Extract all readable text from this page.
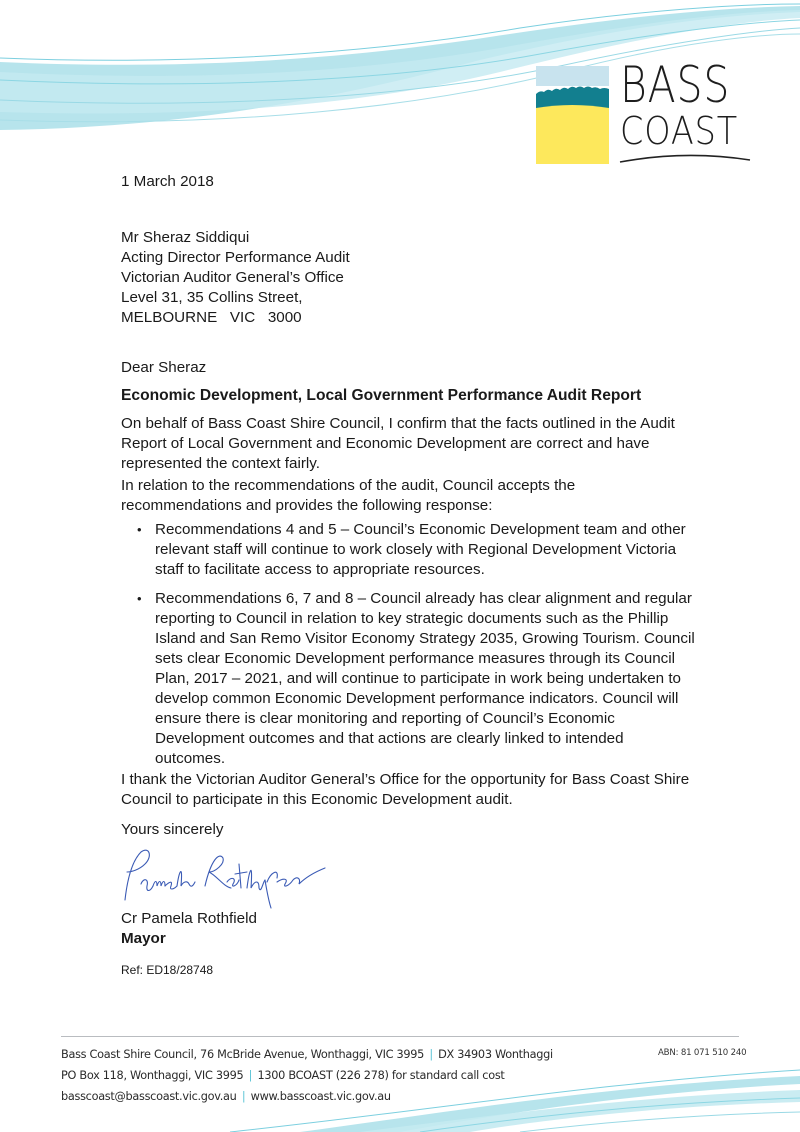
BASS
COAST
1 March 2018
Mr Sheraz Siddiqui
Acting Director Performance Audit
Victorian Auditor General’s Office
Level 31, 35 Collins Street,
MELBOURNE   VIC   3000
Dear Sheraz
Economic Development, Local Government Performance Audit Report
On behalf of Bass Coast Shire Council, I confirm that the facts outlined in the Audit Report of Local Government and Economic Development are correct and have represented the context fairly.
In relation to the recommendations of the audit, Council accepts the recommendations and provides the following response:
• Recommendations 4 and 5 – Council’s Economic Development team and other relevant staff will continue to work closely with Regional Development Victoria staff to facilitate access to appropriate resources.
• Recommendations 6, 7 and 8 – Council already has clear alignment and regular reporting to Council in relation to key strategic documents such as the Phillip Island and San Remo Visitor Economy Strategy 2035, Growing Tourism. Council sets clear Economic Development performance measures through its Council Plan, 2017 – 2021, and will continue to participate in work being undertaken to develop common Economic Development performance indicators. Council will ensure there is clear monitoring and reporting of Council’s Economic Development outcomes and that actions are clearly linked to intended outcomes.
I thank the Victorian Auditor General’s Office for the opportunity for Bass Coast Shire Council to participate in this Economic Development audit.
Yours sincerely
Cr Pamela Rothfield
Mayor
Ref: ED18/28748
Bass Coast Shire Council, 76 McBride Avenue, Wonthaggi, VIC 3995 | DX 34903 Wonthaggi
PO Box 118, Wonthaggi, VIC 3995 | 1300 BCOAST (226 278) for standard call cost
basscoast@basscoast.vic.gov.au | www.basscoast.vic.gov.au
ABN: 81 071 510 240
